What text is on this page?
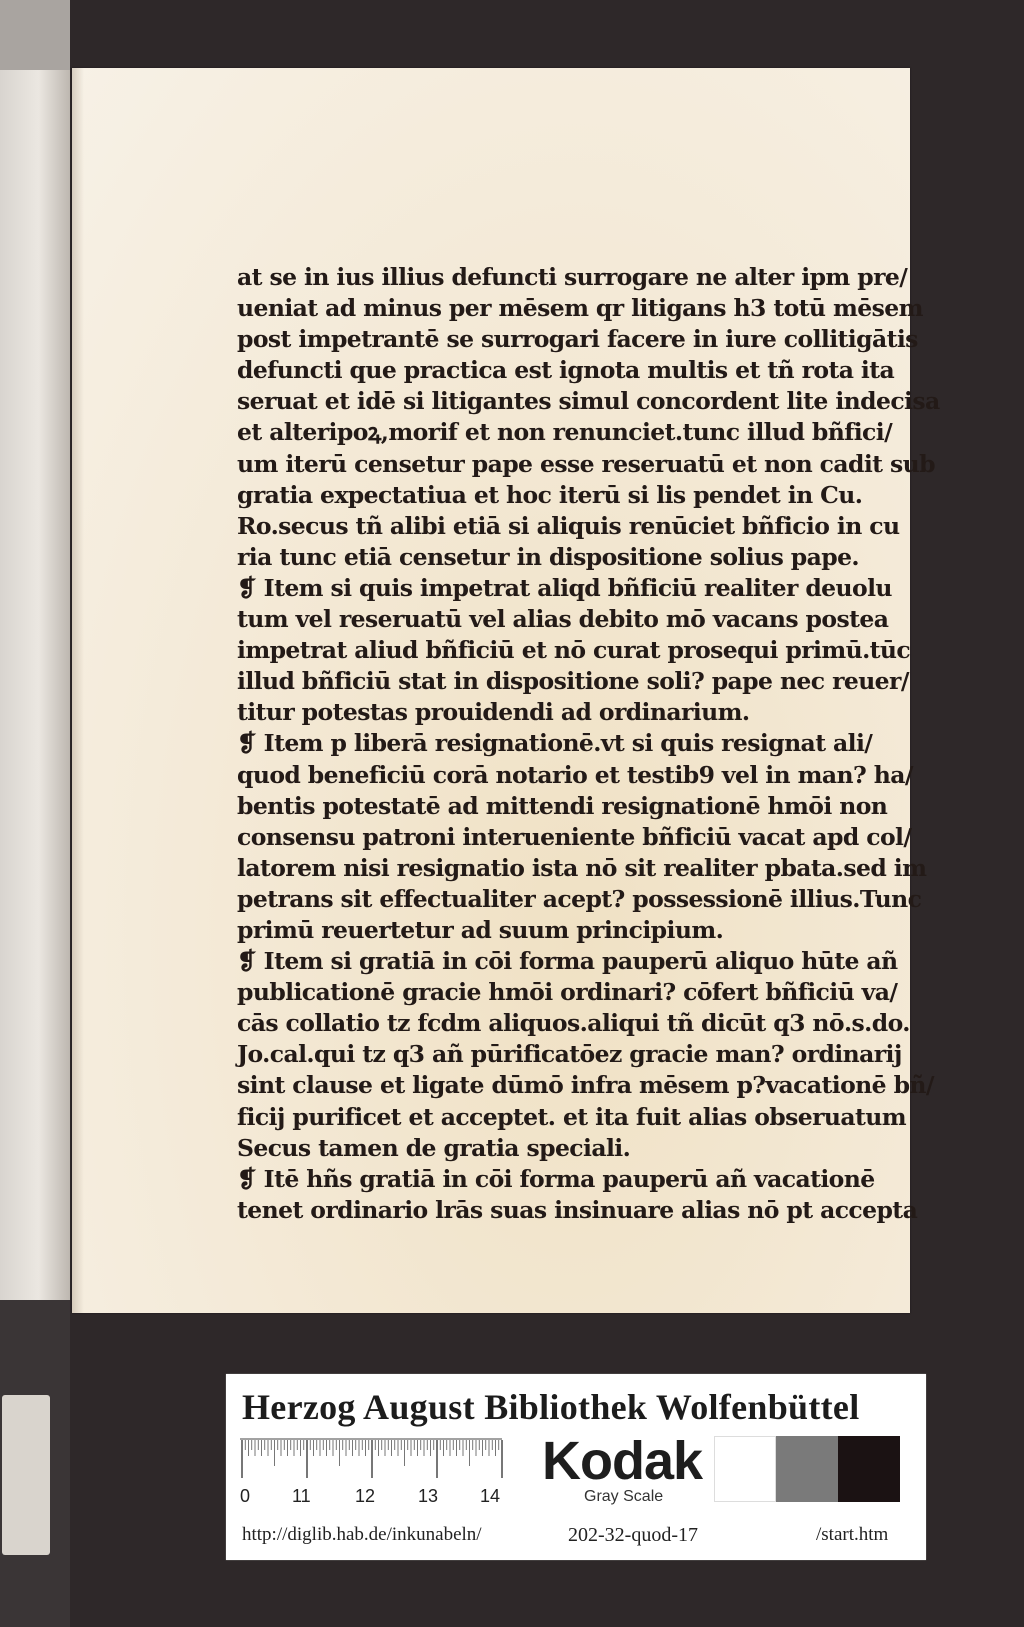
at se in ius illius defuncti surrogare ne alter ipm pre/
ueniat ad minus per mēsem qr litigans h3 totū mēsem
post impetrantē se surrogari facere in iure collitigātis
defuncti que practica est ignota multis et tñ rota ita
seruat et idē si litigantes simul concordent lite indecisa
et alteripoꝝ,morif et non renunciet.tunc illud bñfici/
um iterū censetur pape esse reseruatū et non cadit sub
gratia expectatiua et hoc iterū si lis pendet in Cu.
Ro.secus tñ alibi etiā si aliquis renūciet bñficio in cu
ria tunc etiā censetur in dispositione solius pape.
❡ Item si quis impetrat aliqd bñficiū realiter deuolu
tum vel reseruatū vel alias debito mō vacans postea
impetrat aliud bñficiū et nō curat prosequi primū.tūc
illud bñficiū stat in dispositione soli? pape nec reuer/
titur potestas prouidendi ad ordinarium.
❡ Item p liberā resignationē.vt si quis resignat ali/
quod beneficiū corā notario et testib9 vel in man? ha/
bentis potestatē ad mittendi resignationē hmōi non
consensu patroni interueniente bñficiū vacat apd col/
latorem nisi resignatio ista nō sit realiter pbata.sed im
petrans sit effectualiter acept? possessionē illius.Tunc
primū reuertetur ad suum principium.
❡ Item si gratiā in cōi forma pauperū aliquo hūte añ
publicationē gracie hmōi ordinari? cōfert bñficiū va/
cās collatio tz fcdm aliquos.aliqui tñ dicūt q3 nō.s.do.
Jo.cal.qui tz q3 añ pūrificatōez gracie man? ordinarij
sint clause et ligate dūmō infra mēsem p?vacationē bñ/
ficij purificet et acceptet. et ita fuit alias obseruatum
Secus tamen de gratia speciali.
❡ Itē hñs gratiā in cōi forma pauperū añ vacationē
tenet ordinario lrās suas insinuare alias nō pt accepta
Herzog August Bibliothek Wolfenbüttel
0 11 12 13 14
Kodak
Gray Scale
http://diglib.hab.de/inkunabeln/	202-32-quod-17	/start.htm
